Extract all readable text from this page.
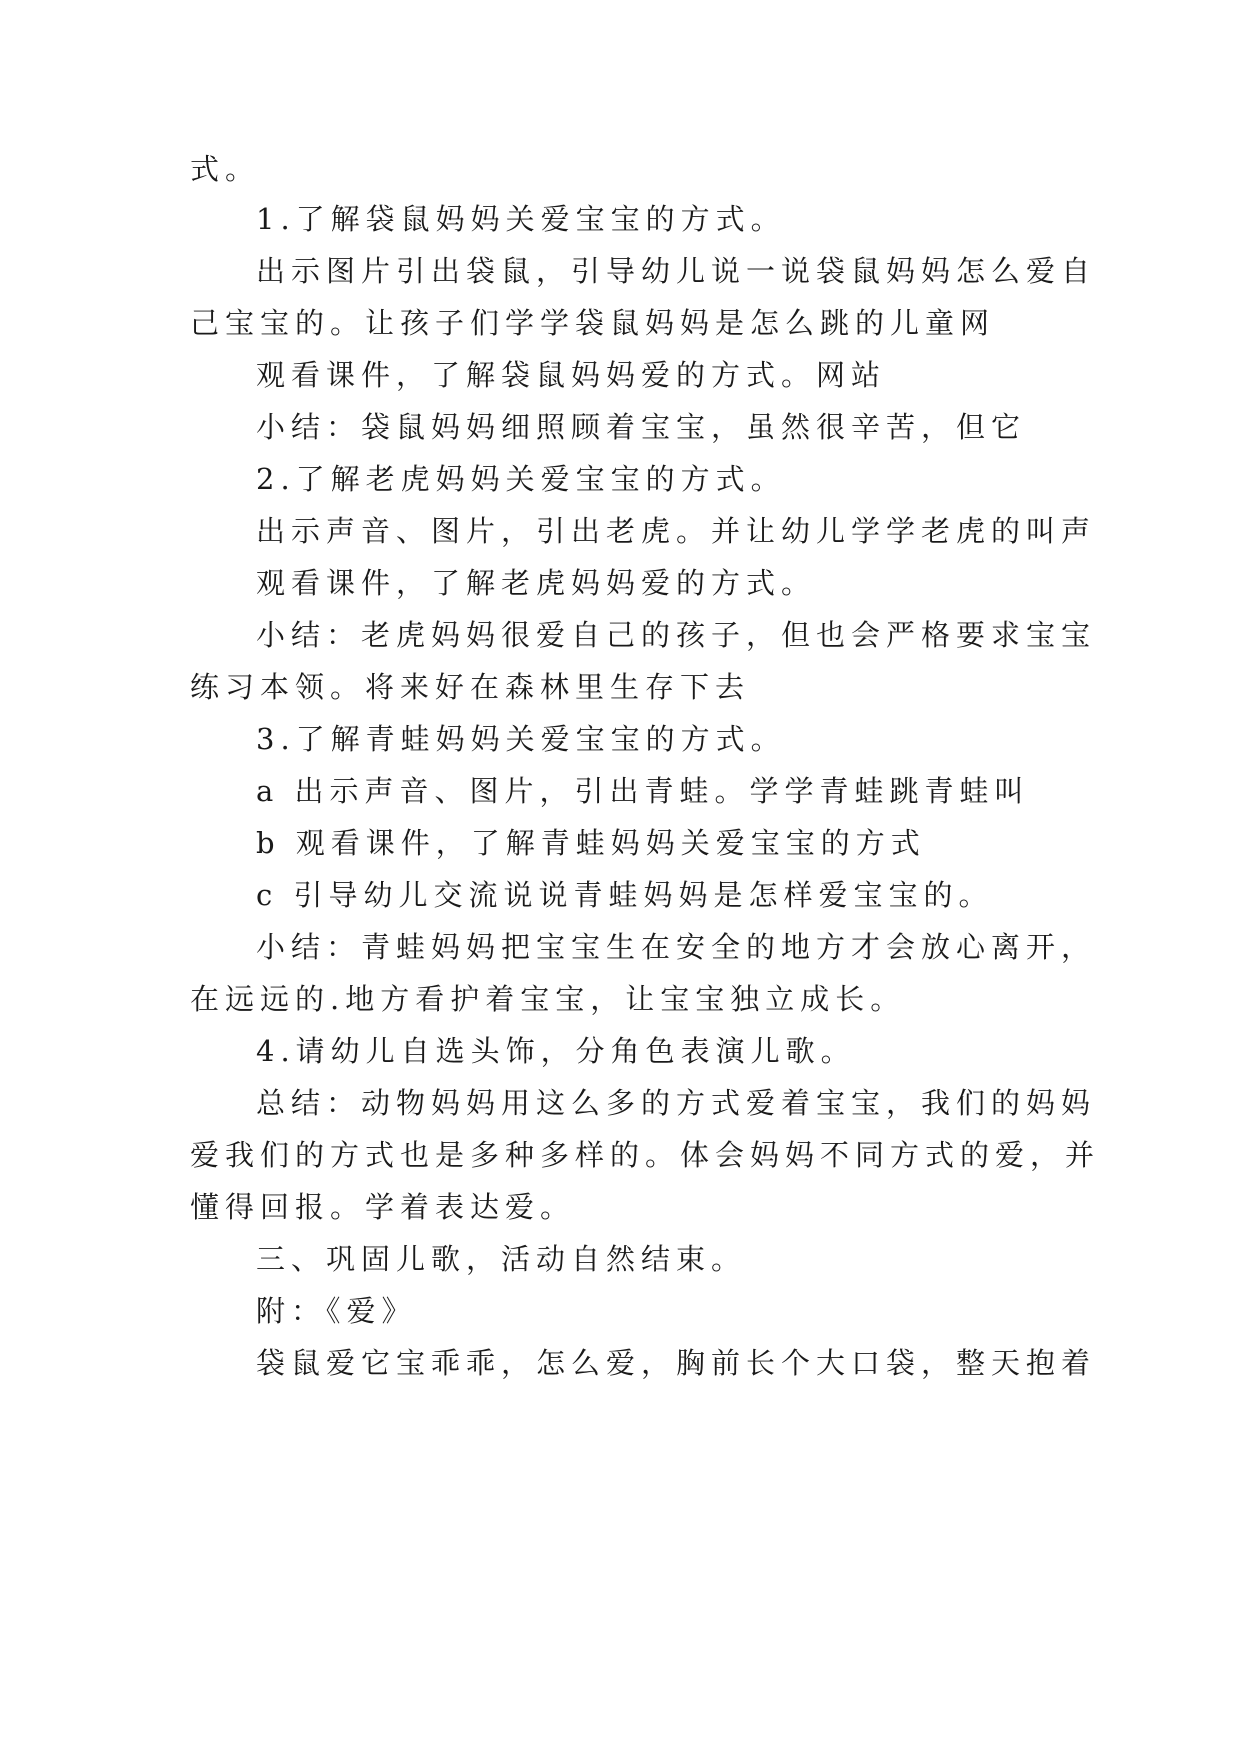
式。
1.了解袋鼠妈妈关爱宝宝的方式。
出示图片引出袋鼠，引导幼儿说一说袋鼠妈妈怎么爱自
己宝宝的。让孩子们学学袋鼠妈妈是怎么跳的儿童网
观看课件，了解袋鼠妈妈爱的方式。网站
小结：袋鼠妈妈细照顾着宝宝，虽然很辛苦，但它
2.了解老虎妈妈关爱宝宝的方式。
出示声音、图片，引出老虎。并让幼儿学学老虎的叫声
观看课件，了解老虎妈妈爱的方式。
小结：老虎妈妈很爱自己的孩子，但也会严格要求宝宝
练习本领。将来好在森林里生存下去
3.了解青蛙妈妈关爱宝宝的方式。
a 出示声音、图片，引出青蛙。学学青蛙跳青蛙叫
b 观看课件，了解青蛙妈妈关爱宝宝的方式
c 引导幼儿交流说说青蛙妈妈是怎样爱宝宝的。
小结：青蛙妈妈把宝宝生在安全的地方才会放心离开，
在远远的.地方看护着宝宝，让宝宝独立成长。
4.请幼儿自选头饰，分角色表演儿歌。
总结：动物妈妈用这么多的方式爱着宝宝，我们的妈妈
爱我们的方式也是多种多样的。体会妈妈不同方式的爱，并
懂得回报。学着表达爱。
三、巩固儿歌，活动自然结束。
附：《爱》
袋鼠爱它宝乖乖，怎么爱，胸前长个大口袋，整天抱着
